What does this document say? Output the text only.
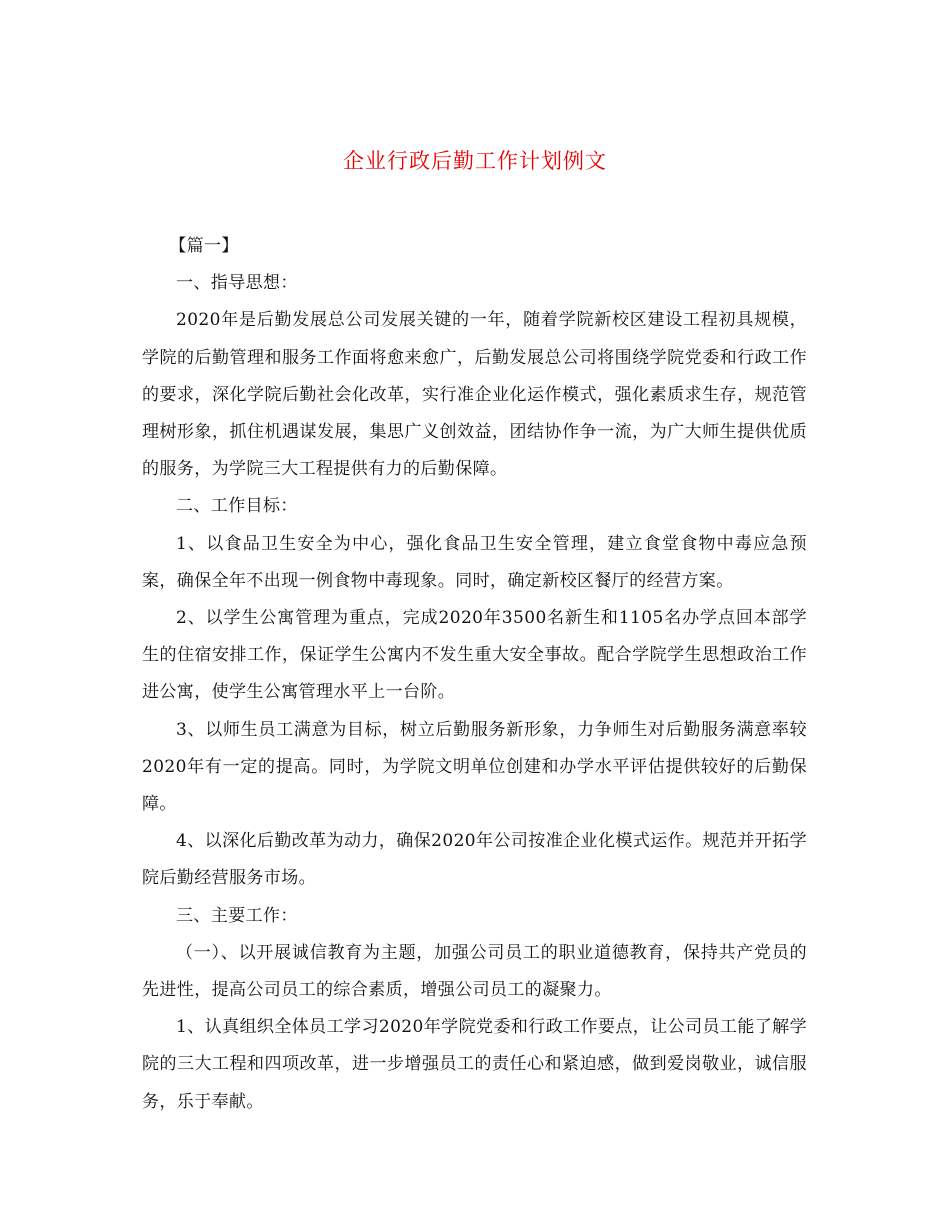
企业行政后勤工作计划例文

【篇一】

一、指导思想：

2020年是后勤发展总公司发展关键的一年，随着学院新校区建设工程初具规模，学院的后勤管理和服务工作面将愈来愈广，后勤发展总公司将围绕学院党委和行政工作的要求，深化学院后勤社会化改革，实行准企业化运作模式，强化素质求生存，规范管理树形象，抓住机遇谋发展，集思广义创效益，团结协作争一流，为广大师生提供优质的服务，为学院三大工程提供有力的后勤保障。

二、工作目标：

1、以食品卫生安全为中心，强化食品卫生安全管理，建立食堂食物中毒应急预案，确保全年不出现一例食物中毒现象。同时，确定新校区餐厅的经营方案。

2、以学生公寓管理为重点，完成2020年3500名新生和1105名办学点回本部学生的住宿安排工作，保证学生公寓内不发生重大安全事故。配合学院学生思想政治工作进公寓，使学生公寓管理水平上一台阶。

3、以师生员工满意为目标，树立后勤服务新形象，力争师生对后勤服务满意率较2020年有一定的提高。同时，为学院文明单位创建和办学水平评估提供较好的后勤保障。

4、以深化后勤改革为动力，确保2020年公司按准企业化模式运作。规范并开拓学院后勤经营服务市场。

三、主要工作：

（一）、以开展诚信教育为主题，加强公司员工的职业道德教育，保持共产党员的先进性，提高公司员工的综合素质，增强公司员工的凝聚力。

1、认真组织全体员工学习2020年学院党委和行政工作要点，让公司员工能了解学院的三大工程和四项改革，进一步增强员工的责任心和紧迫感，做到爱岗敬业，诚信服务，乐于奉献。
